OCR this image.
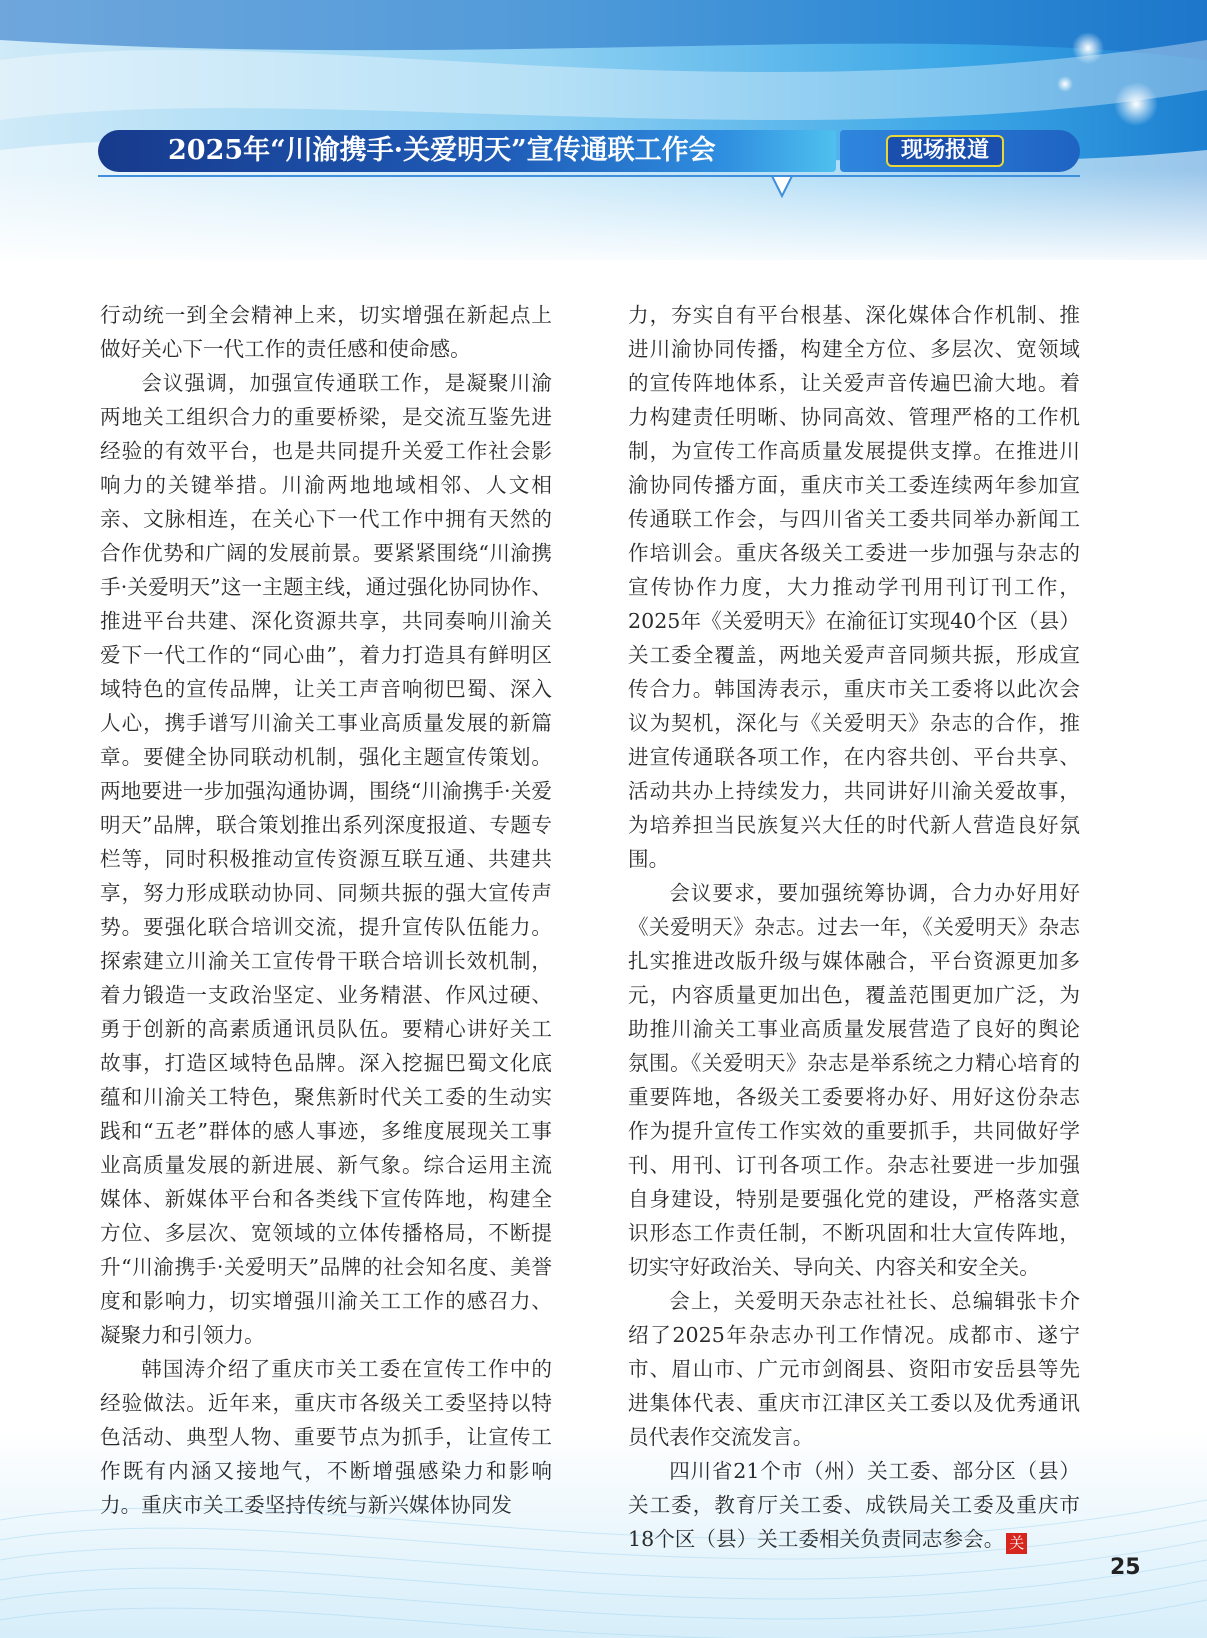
2025年“川渝携手·关爱明天”宣传通联工作会	现场报道

行动统一到全会精神上来，切实增强在新起点上做好关心下一代工作的责任感和使命感。

会议强调，加强宣传通联工作，是凝聚川渝两地关工组织合力的重要桥梁，是交流互鉴先进经验的有效平台，也是共同提升关爱工作社会影响力的关键举措。川渝两地地域相邻、人文相亲、文脉相连，在关心下一代工作中拥有天然的合作优势和广阔的发展前景。要紧紧围绕“川渝携手·关爱明天”这一主题主线，通过强化协同协作、推进平台共建、深化资源共享，共同奏响川渝关爱下一代工作的“同心曲”，着力打造具有鲜明区域特色的宣传品牌，让关工声音响彻巴蜀、深入人心，携手谱写川渝关工事业高质量发展的新篇章。要健全协同联动机制，强化主题宣传策划。两地要进一步加强沟通协调，围绕“川渝携手·关爱明天”品牌，联合策划推出系列深度报道、专题专栏等，同时积极推动宣传资源互联互通、共建共享，努力形成联动协同、同频共振的强大宣传声势。要强化联合培训交流，提升宣传队伍能力。探索建立川渝关工宣传骨干联合培训长效机制，着力锻造一支政治坚定、业务精湛、作风过硬、勇于创新的高素质通讯员队伍。要精心讲好关工故事，打造区域特色品牌。深入挖掘巴蜀文化底蕴和川渝关工特色，聚焦新时代关工委的生动实践和“五老”群体的感人事迹，多维度展现关工事业高质量发展的新进展、新气象。综合运用主流媒体、新媒体平台和各类线下宣传阵地，构建全方位、多层次、宽领域的立体传播格局，不断提升“川渝携手·关爱明天”品牌的社会知名度、美誉度和影响力，切实增强川渝关工工作的感召力、凝聚力和引领力。

韩国涛介绍了重庆市关工委在宣传工作中的经验做法。近年来，重庆市各级关工委坚持以特色活动、典型人物、重要节点为抓手，让宣传工作既有内涵又接地气，不断增强感染力和影响力。重庆市关工委坚持传统与新兴媒体协同发

力，夯实自有平台根基、深化媒体合作机制、推进川渝协同传播，构建全方位、多层次、宽领域的宣传阵地体系，让关爱声音传遍巴渝大地。着力构建责任明晰、协同高效、管理严格的工作机制，为宣传工作高质量发展提供支撑。在推进川渝协同传播方面，重庆市关工委连续两年参加宣传通联工作会，与四川省关工委共同举办新闻工作培训会。重庆各级关工委进一步加强与杂志的宣传协作力度，大力推动学刊用刊订刊工作，2025年《关爱明天》在渝征订实现40个区（县）关工委全覆盖，两地关爱声音同频共振，形成宣传合力。韩国涛表示，重庆市关工委将以此次会议为契机，深化与《关爱明天》杂志的合作，推进宣传通联各项工作，在内容共创、平台共享、活动共办上持续发力，共同讲好川渝关爱故事，为培养担当民族复兴大任的时代新人营造良好氛围。

会议要求，要加强统筹协调，合力办好用好《关爱明天》杂志。过去一年，《关爱明天》杂志扎实推进改版升级与媒体融合，平台资源更加多元，内容质量更加出色，覆盖范围更加广泛，为助推川渝关工事业高质量发展营造了良好的舆论氛围。《关爱明天》杂志是举系统之力精心培育的重要阵地，各级关工委要将办好、用好这份杂志作为提升宣传工作实效的重要抓手，共同做好学刊、用刊、订刊各项工作。杂志社要进一步加强自身建设，特别是要强化党的建设，严格落实意识形态工作责任制，不断巩固和壮大宣传阵地，切实守好政治关、导向关、内容关和安全关。

会上，关爱明天杂志社社长、总编辑张卡介绍了2025年杂志办刊工作情况。成都市、遂宁市、眉山市、广元市剑阁县、资阳市安岳县等先进集体代表、重庆市江津区关工委以及优秀通讯员代表作交流发言。

四川省21个市（州）关工委、部分区（县）关工委，教育厅关工委、成铁局关工委及重庆市18个区（县）关工委相关负责同志参会。 关

25
